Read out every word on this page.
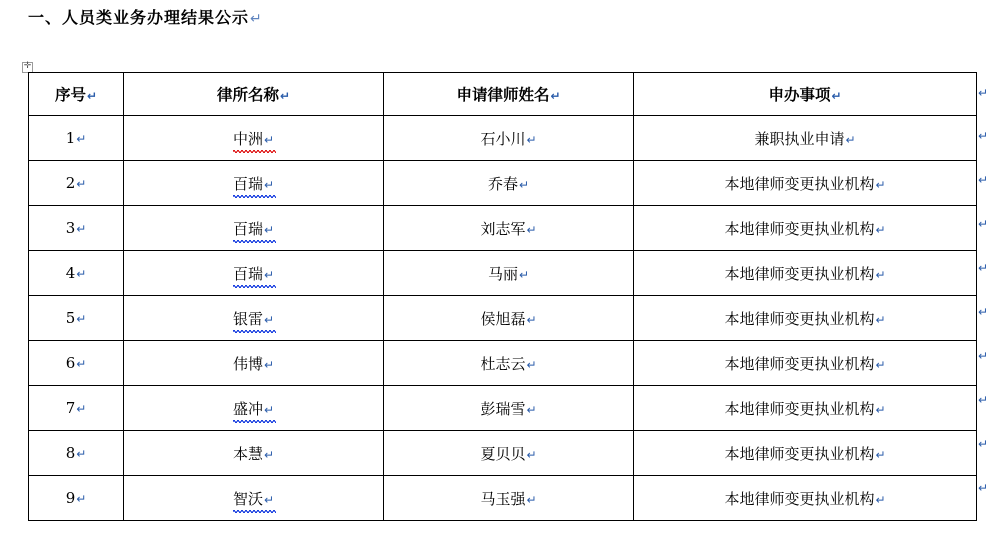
一、人员类业务办理结果公示↵
✛
序号↵	律所名称↵	申请律师姓名↵	申办事项↵
1↵	中洲↵	石小川↵	兼职执业申请↵
2↵	百瑞↵	乔春↵	本地律师变更执业机构↵
3↵	百瑞↵	刘志军↵	本地律师变更执业机构↵
4↵	百瑞↵	马丽↵	本地律师变更执业机构↵
5↵	银雷↵	侯旭磊↵	本地律师变更执业机构↵
6↵	伟博↵	杜志云↵	本地律师变更执业机构↵
7↵	盛冲↵	彭瑞雪↵	本地律师变更执业机构↵
8↵	本慧↵	夏贝贝↵	本地律师变更执业机构↵
9↵	智沃↵	马玉强↵	本地律师变更执业机构↵
↵
↵
↵
↵
↵
↵
↵
↵
↵
↵
